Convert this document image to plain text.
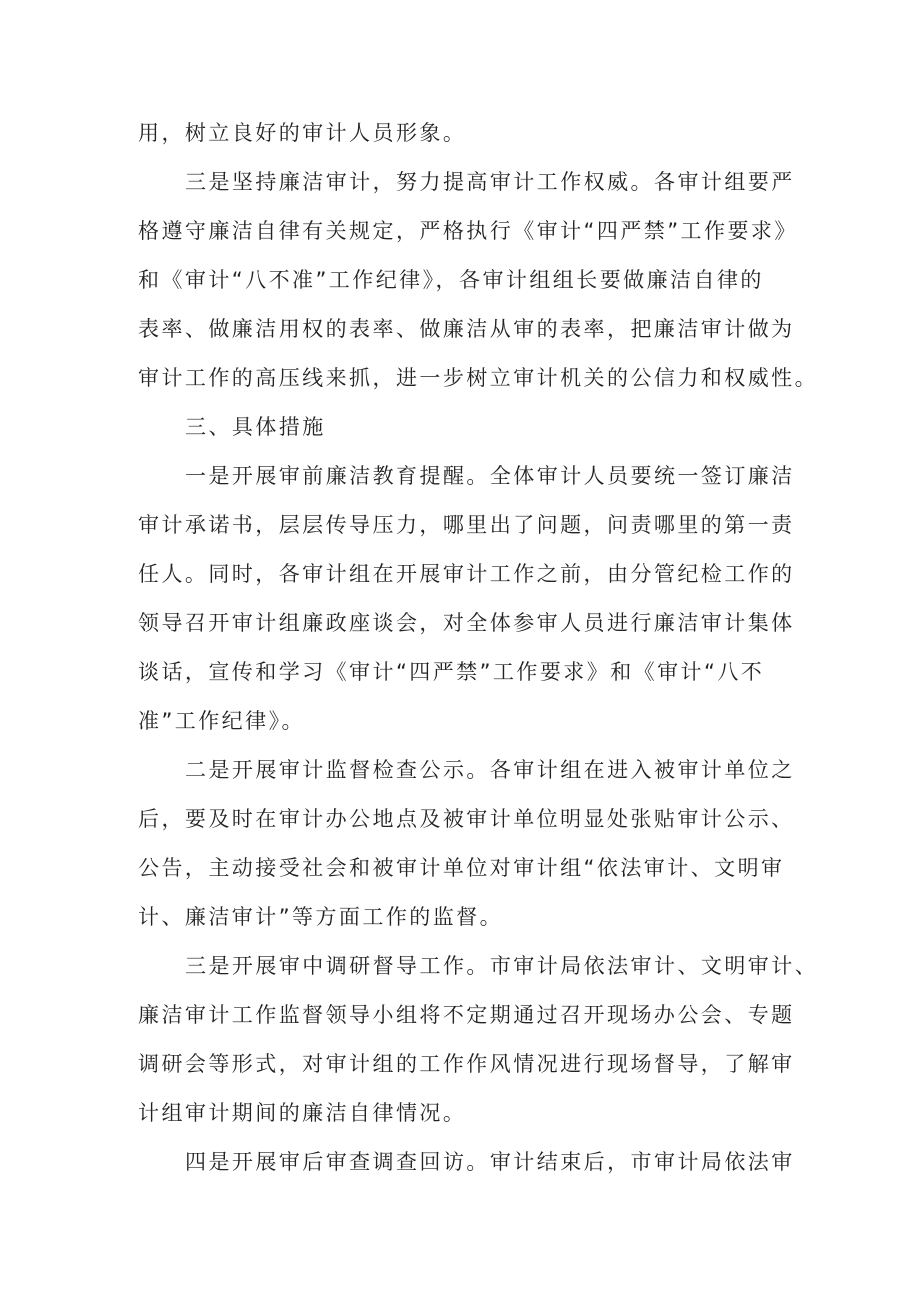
用，树立良好的审计人员形象。

三是坚持廉洁审计，努力提高审计工作权威。各审计组要严

格遵守廉洁自律有关规定，严格执行《审计“四严禁”工作要求》

和《审计“八不准”工作纪律》，各审计组组长要做廉洁自律的

表率、做廉洁用权的表率、做廉洁从审的表率，把廉洁审计做为

审计工作的高压线来抓，进一步树立审计机关的公信力和权威性。

三、具体措施

一是开展审前廉洁教育提醒。全体审计人员要统一签订廉洁

审计承诺书，层层传导压力，哪里出了问题，问责哪里的第一责

任人。同时，各审计组在开展审计工作之前，由分管纪检工作的

领导召开审计组廉政座谈会，对全体参审人员进行廉洁审计集体

谈话，宣传和学习《审计“四严禁”工作要求》和《审计“八不

准”工作纪律》。

二是开展审计监督检查公示。各审计组在进入被审计单位之

后，要及时在审计办公地点及被审计单位明显处张贴审计公示、

公告，主动接受社会和被审计单位对审计组“依法审计、文明审

计、廉洁审计”等方面工作的监督。

三是开展审中调研督导工作。市审计局依法审计、文明审计、

廉洁审计工作监督领导小组将不定期通过召开现场办公会、专题

调研会等形式，对审计组的工作作风情况进行现场督导，了解审

计组审计期间的廉洁自律情况。

四是开展审后审查调查回访。审计结束后，市审计局依法审
